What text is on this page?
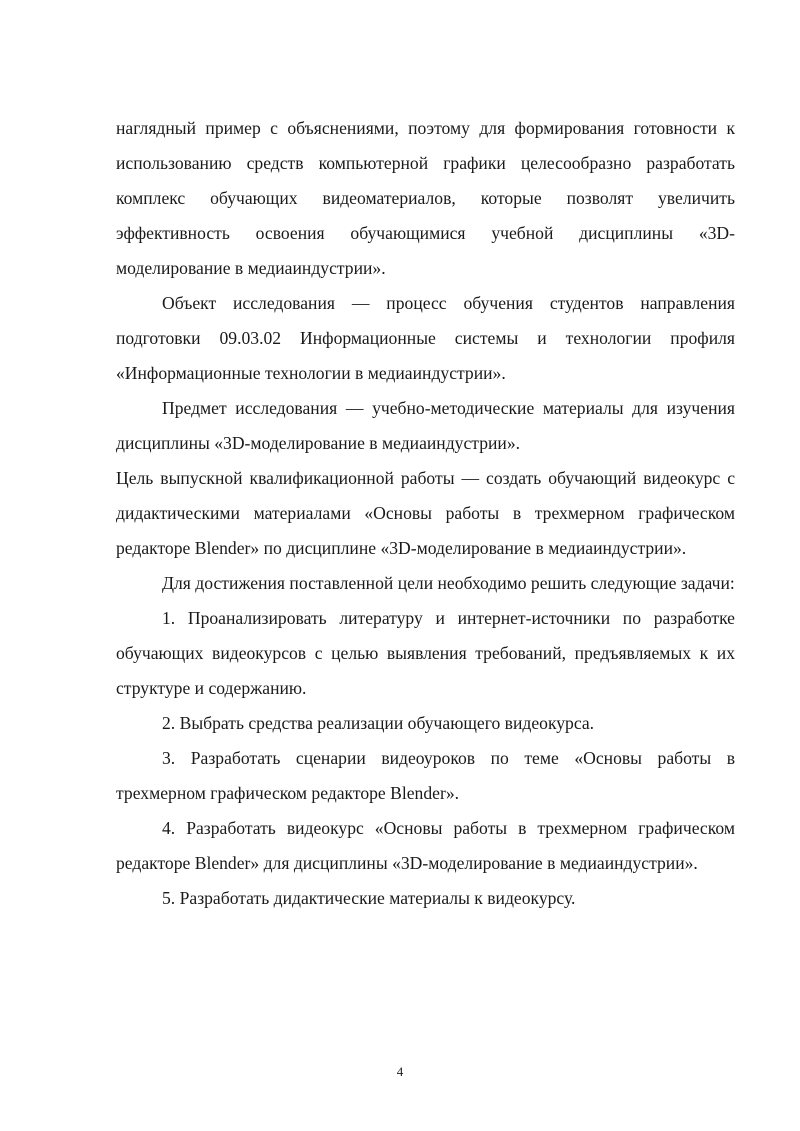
наглядный пример с объяснениями, поэтому для формирования готовности к использованию средств компьютерной графики целесообразно разработать комплекс обучающих видеоматериалов, которые позволят увеличить эффективность освоения обучающимися учебной дисциплины «3D-моделирование в медиаиндустрии».

Объект исследования — процесс обучения студентов направления подготовки 09.03.02 Информационные системы и технологии профиля «Информационные технологии в медиаиндустрии».

Предмет исследования — учебно-методические материалы для изучения дисциплины «3D-моделирование в медиаиндустрии».

Цель выпускной квалификационной работы — создать обучающий видеокурс с дидактическими материалами «Основы работы в трехмерном графическом редакторе Blender» по дисциплине «3D-моделирование в медиаиндустрии».

Для достижения поставленной цели необходимо решить следующие задачи:

1. Проанализировать литературу и интернет-источники по разработке обучающих видеокурсов с целью выявления требований, предъявляемых к их структуре и содержанию.

2. Выбрать средства реализации обучающего видеокурса.

3. Разработать сценарии видеоуроков по теме «Основы работы в трехмерном графическом редакторе Blender».

4. Разработать видеокурс «Основы работы в трехмерном графическом редакторе Blender» для дисциплины «3D-моделирование в медиаиндустрии».

5. Разработать дидактические материалы к видеокурсу.

4
